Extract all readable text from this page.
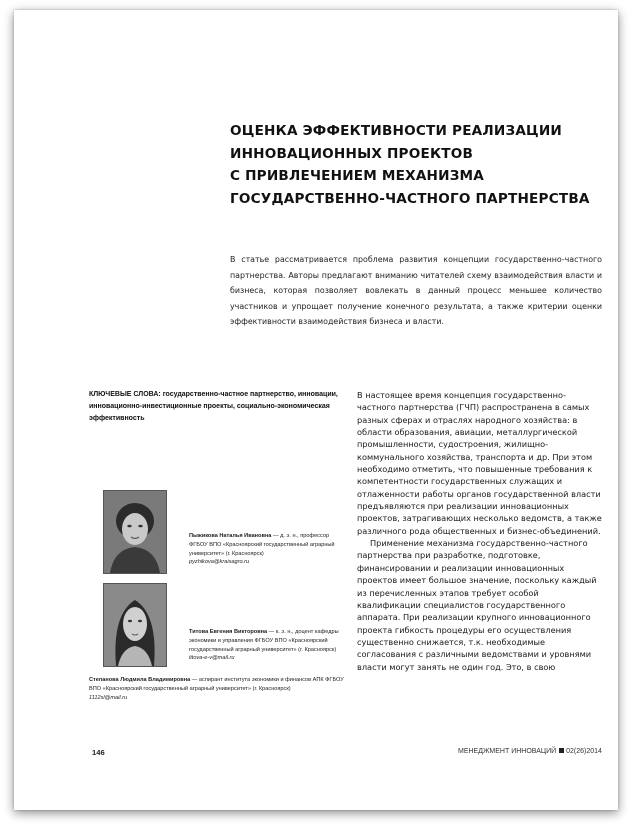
ОЦЕНКА ЭФФЕКТИВНОСТИ РЕАЛИЗАЦИИ
ИННОВАЦИОННЫХ ПРОЕКТОВ
С ПРИВЛЕЧЕНИЕМ МЕХАНИЗМА
ГОСУДАРСТВЕННО-ЧАСТНОГО ПАРТНЕРСТВА

В статье рассматривается проблема развития концепции государственно-частного партнерства. Авторы предлагают вниманию читателей схему взаимодействия власти и бизнеса, которая позволяет вовлекать в данный процесс меньшее количество участников и упрощает получение конечного результата, а также критерии оценки эффективности взаимодействия бизнеса и власти.

КЛЮЧЕВЫЕ СЛОВА: государственно-частное партнерство, инновации, инновационно-инвестиционные проекты, социально-экономическая эффективность

Пыжикова Наталья Ивановна — д. э. н., профессор ФГБОУ ВПО «Красноярский государственный аграрный университет» (г. Красноярск)
pyzhikova@kraisagro.ru

Титова Евгения Викторовна — к. э. н., доцент кафедры экономики и управления ФГБОУ ВПО «Красноярский государственный аграрный университет» (г. Красноярск)
titova-e-v@mail.ru

Степанова Людмила Владимировна — аспирант института экономики и финансов АПК ФГБОУ ВПО «Красноярский государственный аграрный университет» (г. Красноярск)
1112sl@mail.ru

В настоящее время концепция государственно-частного партнерства (ГЧП) распространена в самых разных сферах и отраслях народного хозяйства: в области образования, авиации, металлургической промышленности, судостроения, жилищно-коммунального хозяйства, транспорта и др. При этом необходимо отметить, что повышенные требования к компетентности государственных служащих и отлаженности работы органов государственной власти предъявляются при реализации инновационных проектов, затрагивающих несколько ведомств, а также различного рода общественных и бизнес-объединений.

Применение механизма государственно-частного партнерства при разработке, подготовке, финансировании и реализации инновационных проектов имеет большое значение, поскольку каждый из перечисленных этапов требует особой квалификации специалистов государственного аппарата. При реализации крупного инновационного проекта гибкость процедуры его осуществления существенно снижается, т.к. необходимые согласования с различными ведомствами и уровнями власти могут занять не один год. Это, в свою

146	МЕНЕДЖМЕНТ ИННОВАЦИЙ 02(26)2014
